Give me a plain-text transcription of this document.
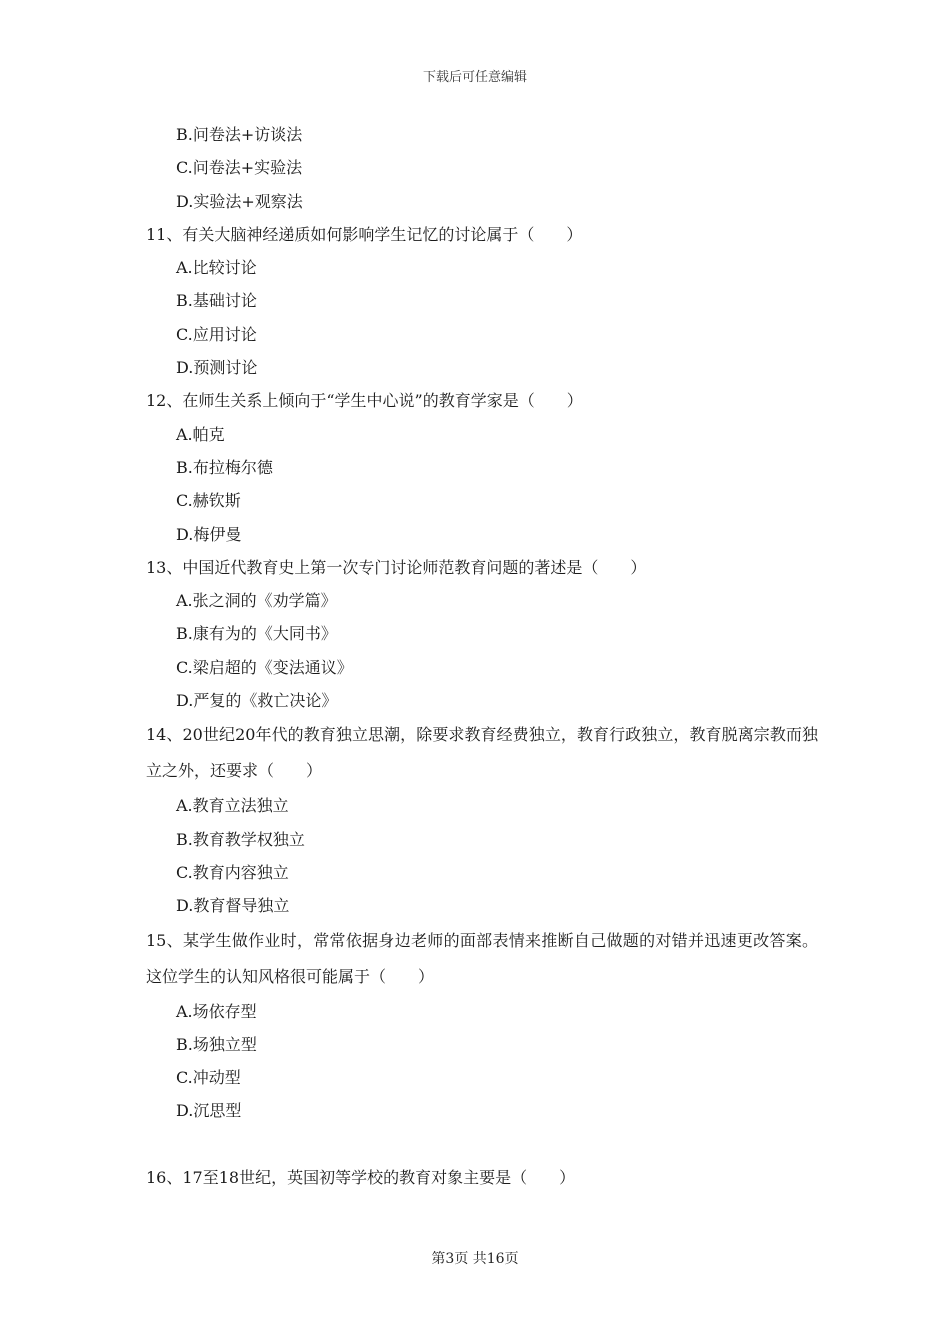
下载后可任意编辑
B.问卷法+访谈法
C.问卷法+实验法
D.实验法+观察法
11、有关大脑神经递质如何影响学生记忆的讨论属于（　　）
A.比较讨论
B.基础讨论
C.应用讨论
D.预测讨论
12、在师生关系上倾向于“学生中心说”的教育学家是（　　）
A.帕克
B.布拉梅尔德
C.赫钦斯
D.梅伊曼
13、中国近代教育史上第一次专门讨论师范教育问题的著述是（　　）
A.张之洞的《劝学篇》
B.康有为的《大同书》
C.梁启超的《变法通议》
D.严复的《救亡决论》
14、20世纪20年代的教育独立思潮，除要求教育经费独立，教育行政独立，教育脱离宗教而独立之外，还要求（　　）
A.教育立法独立
B.教育教学权独立
C.教育内容独立
D.教育督导独立
15、某学生做作业时，常常依据身边老师的面部表情来推断自己做题的对错并迅速更改答案。这位学生的认知风格很可能属于（　　）
A.场依存型
B.场独立型
C.冲动型
D.沉思型
16、17至18世纪，英国初等学校的教育对象主要是（　　）
第3页 共16页
